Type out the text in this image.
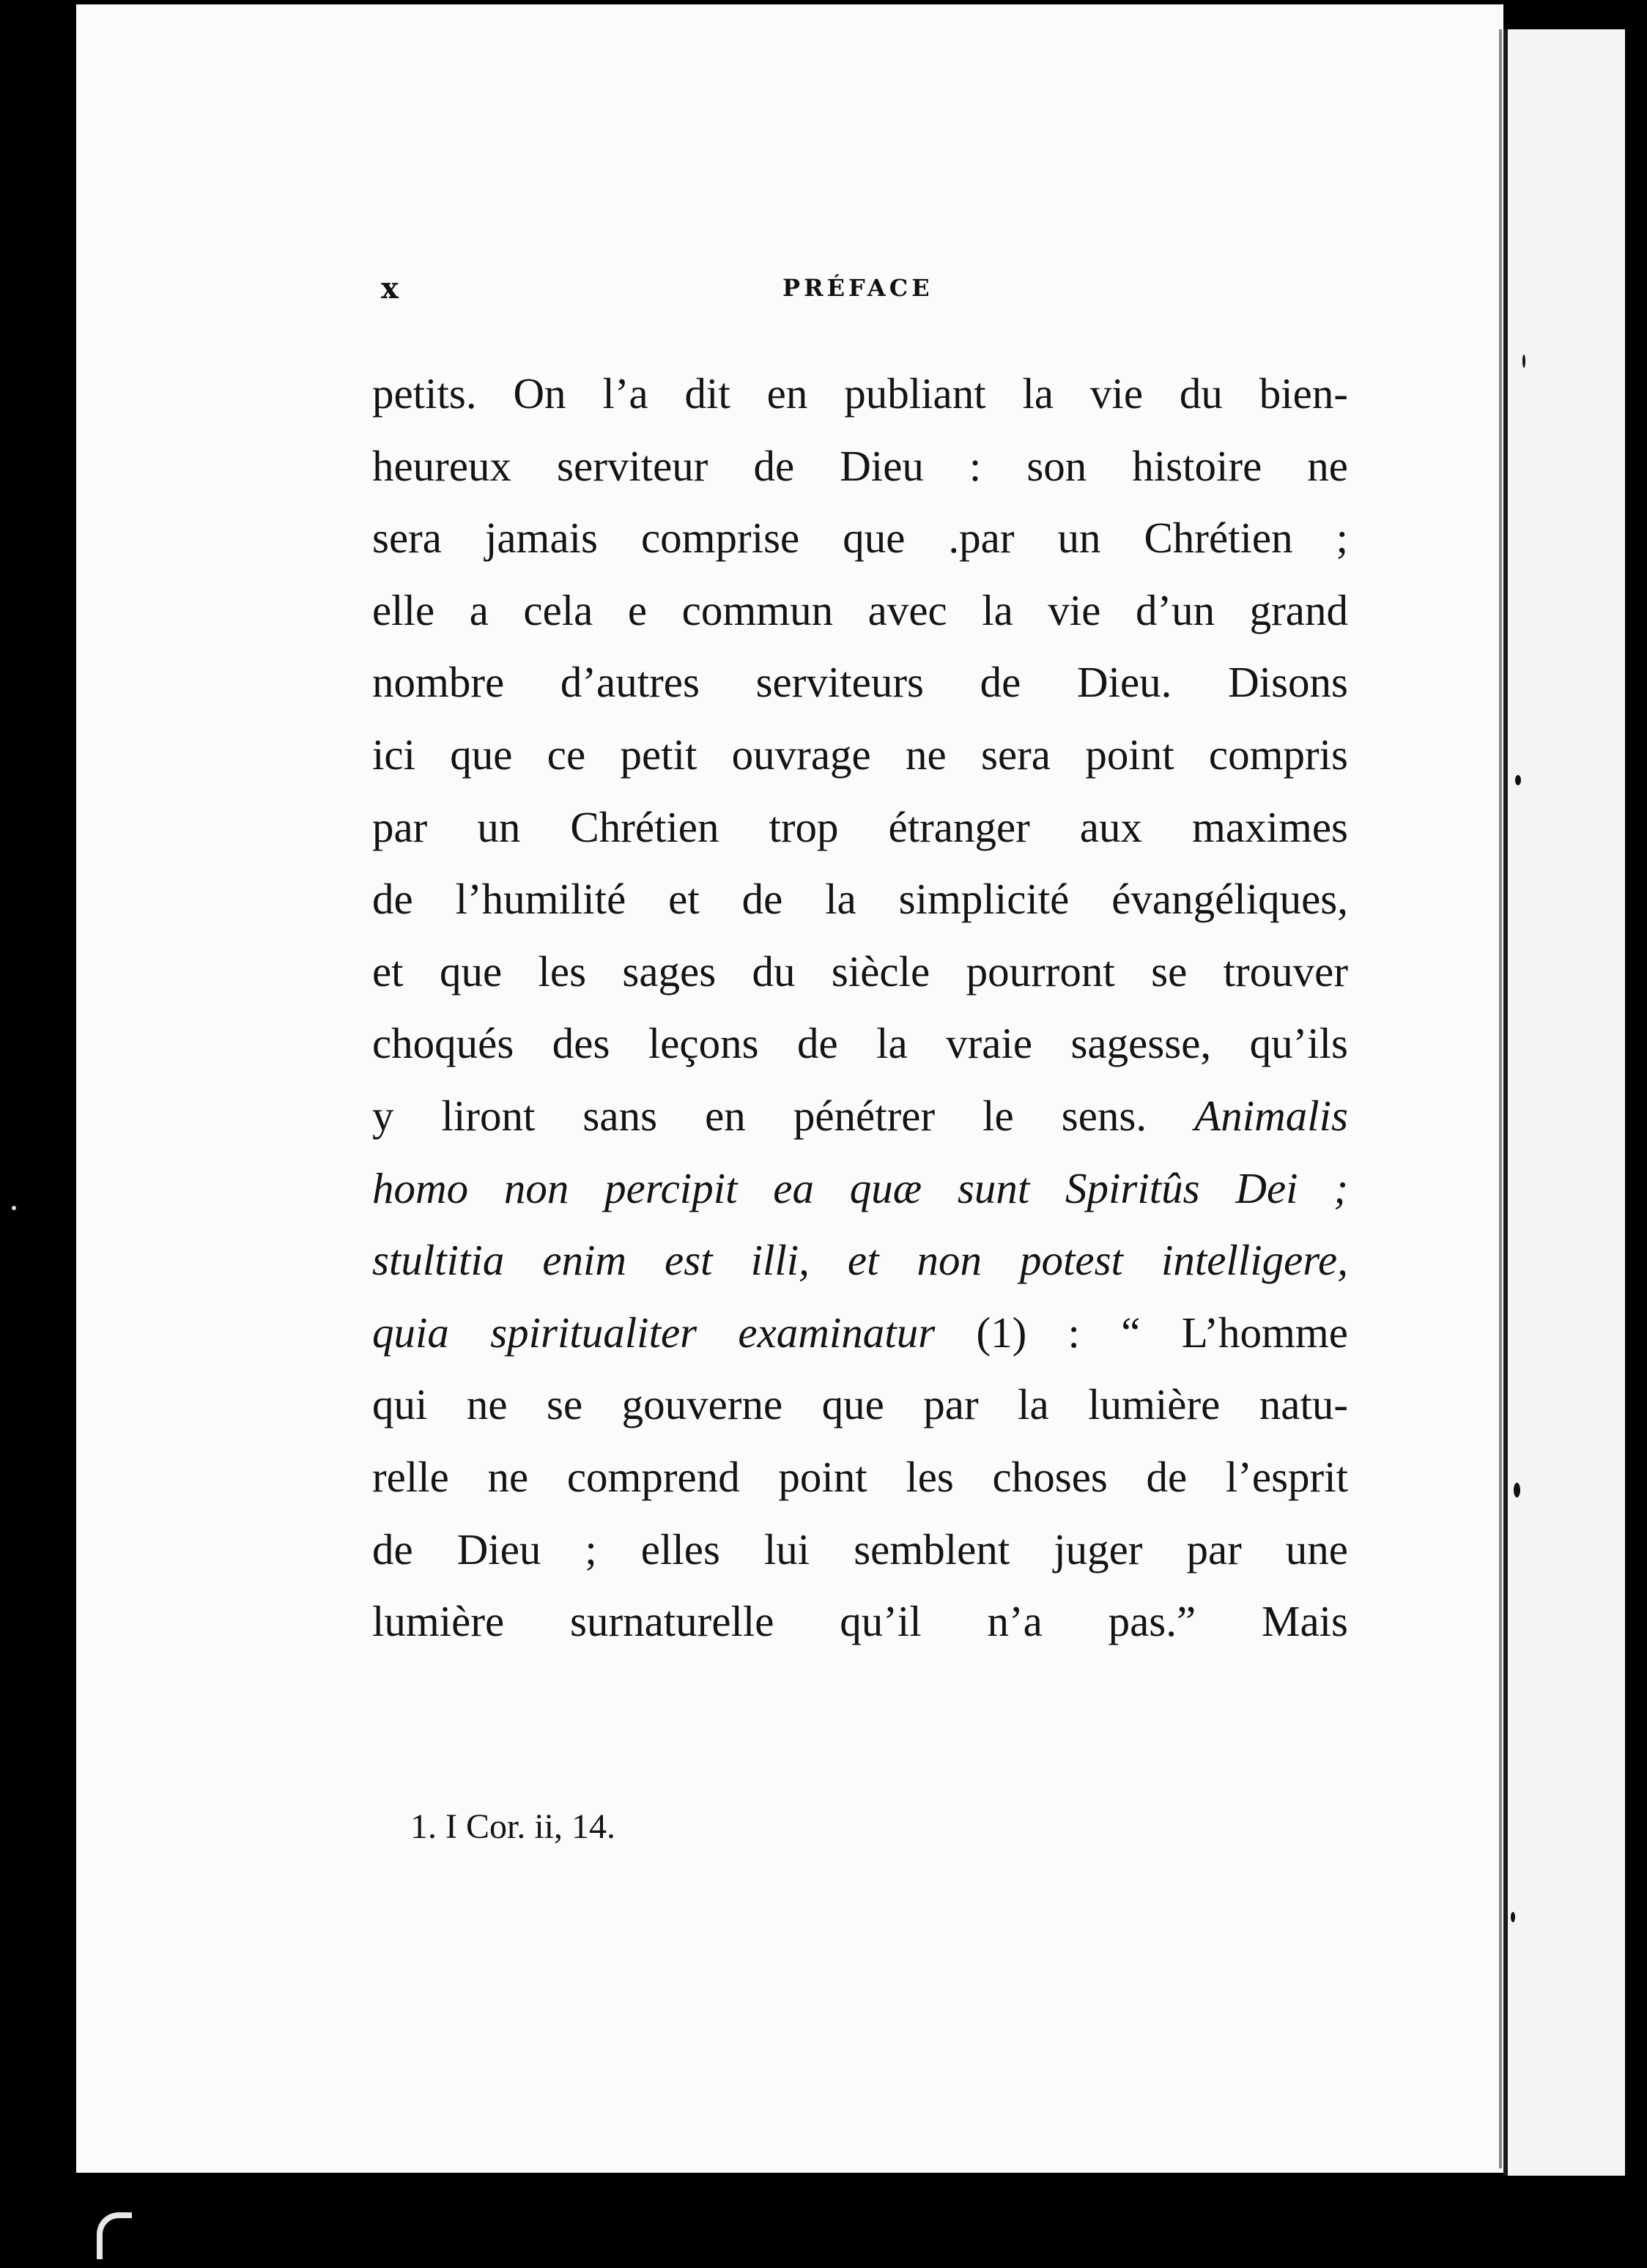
x	PRÉFACE
petits. On l’a dit en publiant la vie du bien-
heureux serviteur de Dieu : son histoire ne
sera jamais comprise que .par un Chrétien ;
elle a cela e commun avec la vie d’un grand
nombre d’autres serviteurs de Dieu. Disons
ici que ce petit ouvrage ne sera point compris
par un Chrétien trop étranger aux maximes
de l’humilité et de la simplicité évangéliques,
et que les sages du siècle pourront se trouver
choqués des leçons de la vraie sagesse, qu’ils
y liront sans en pénétrer le sens. Animalis
homo non percipit ea quæ sunt Spiritûs Dei ;
stultitia enim est illi, et non potest intelligere,
quia spiritualiter examinatur (1) : “ L’homme
qui ne se gouverne que par la lumière natu-
relle ne comprend point les choses de l’esprit
de Dieu ; elles lui semblent juger par une
lumière surnaturelle qu’il n’a pas.” Mais
1. I Cor. ii, 14.
